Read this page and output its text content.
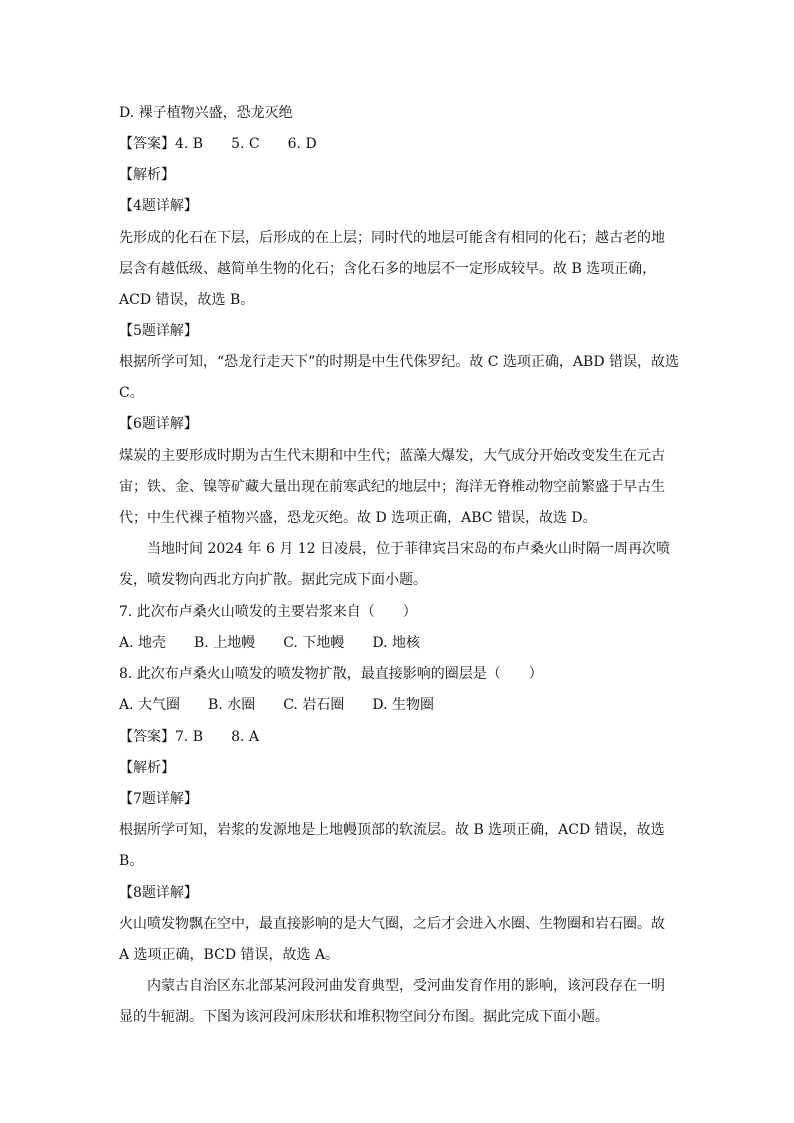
D. 裸子植物兴盛，恐龙灭绝
【答案】4. B 5. C 6. D
【解析】
【4题详解】
先形成的化石在下层，后形成的在上层；同时代的地层可能含有相同的化石；越古老的地
层含有越低级、越简单生物的化石；含化石多的地层不一定形成较早。故 B 选项正确，
ACD 错误，故选 B。
【5题详解】
根据所学可知，“恐龙行走天下”的时期是中生代侏罗纪。故 C 选项正确，ABD 错误，故选
C。
【6题详解】
煤炭的主要形成时期为古生代末期和中生代；蓝藻大爆发，大气成分开始改变发生在元古
宙；铁、金、镍等矿藏大量出现在前寒武纪的地层中；海洋无脊椎动物空前繁盛于早古生
代；中生代裸子植物兴盛，恐龙灭绝。故 D 选项正确，ABC 错误，故选 D。
当地时间 2024 年 6 月 12 日凌晨，位于菲律宾吕宋岛的布卢桑火山时隔一周再次喷
发，喷发物向西北方向扩散。据此完成下面小题。
7. 此次布卢桑火山喷发的主要岩浆来自（　　）
A. 地壳 B. 上地幔 C. 下地幔 D. 地核
8. 此次布卢桑火山喷发的喷发物扩散，最直接影响的圈层是（　　）
A. 大气圈 B. 水圈 C. 岩石圈 D. 生物圈
【答案】7. B 8. A
【解析】
【7题详解】
根据所学可知，岩浆的发源地是上地幔顶部的软流层。故 B 选项正确，ACD 错误，故选
B。
【8题详解】
火山喷发物飘在空中，最直接影响的是大气圈，之后才会进入水圈、生物圈和岩石圈。故
A 选项正确，BCD 错误，故选 A。
内蒙古自治区东北部某河段河曲发育典型，受河曲发育作用的影响，该河段存在一明
显的牛轭湖。下图为该河段河床形状和堆积物空间分布图。据此完成下面小题。
